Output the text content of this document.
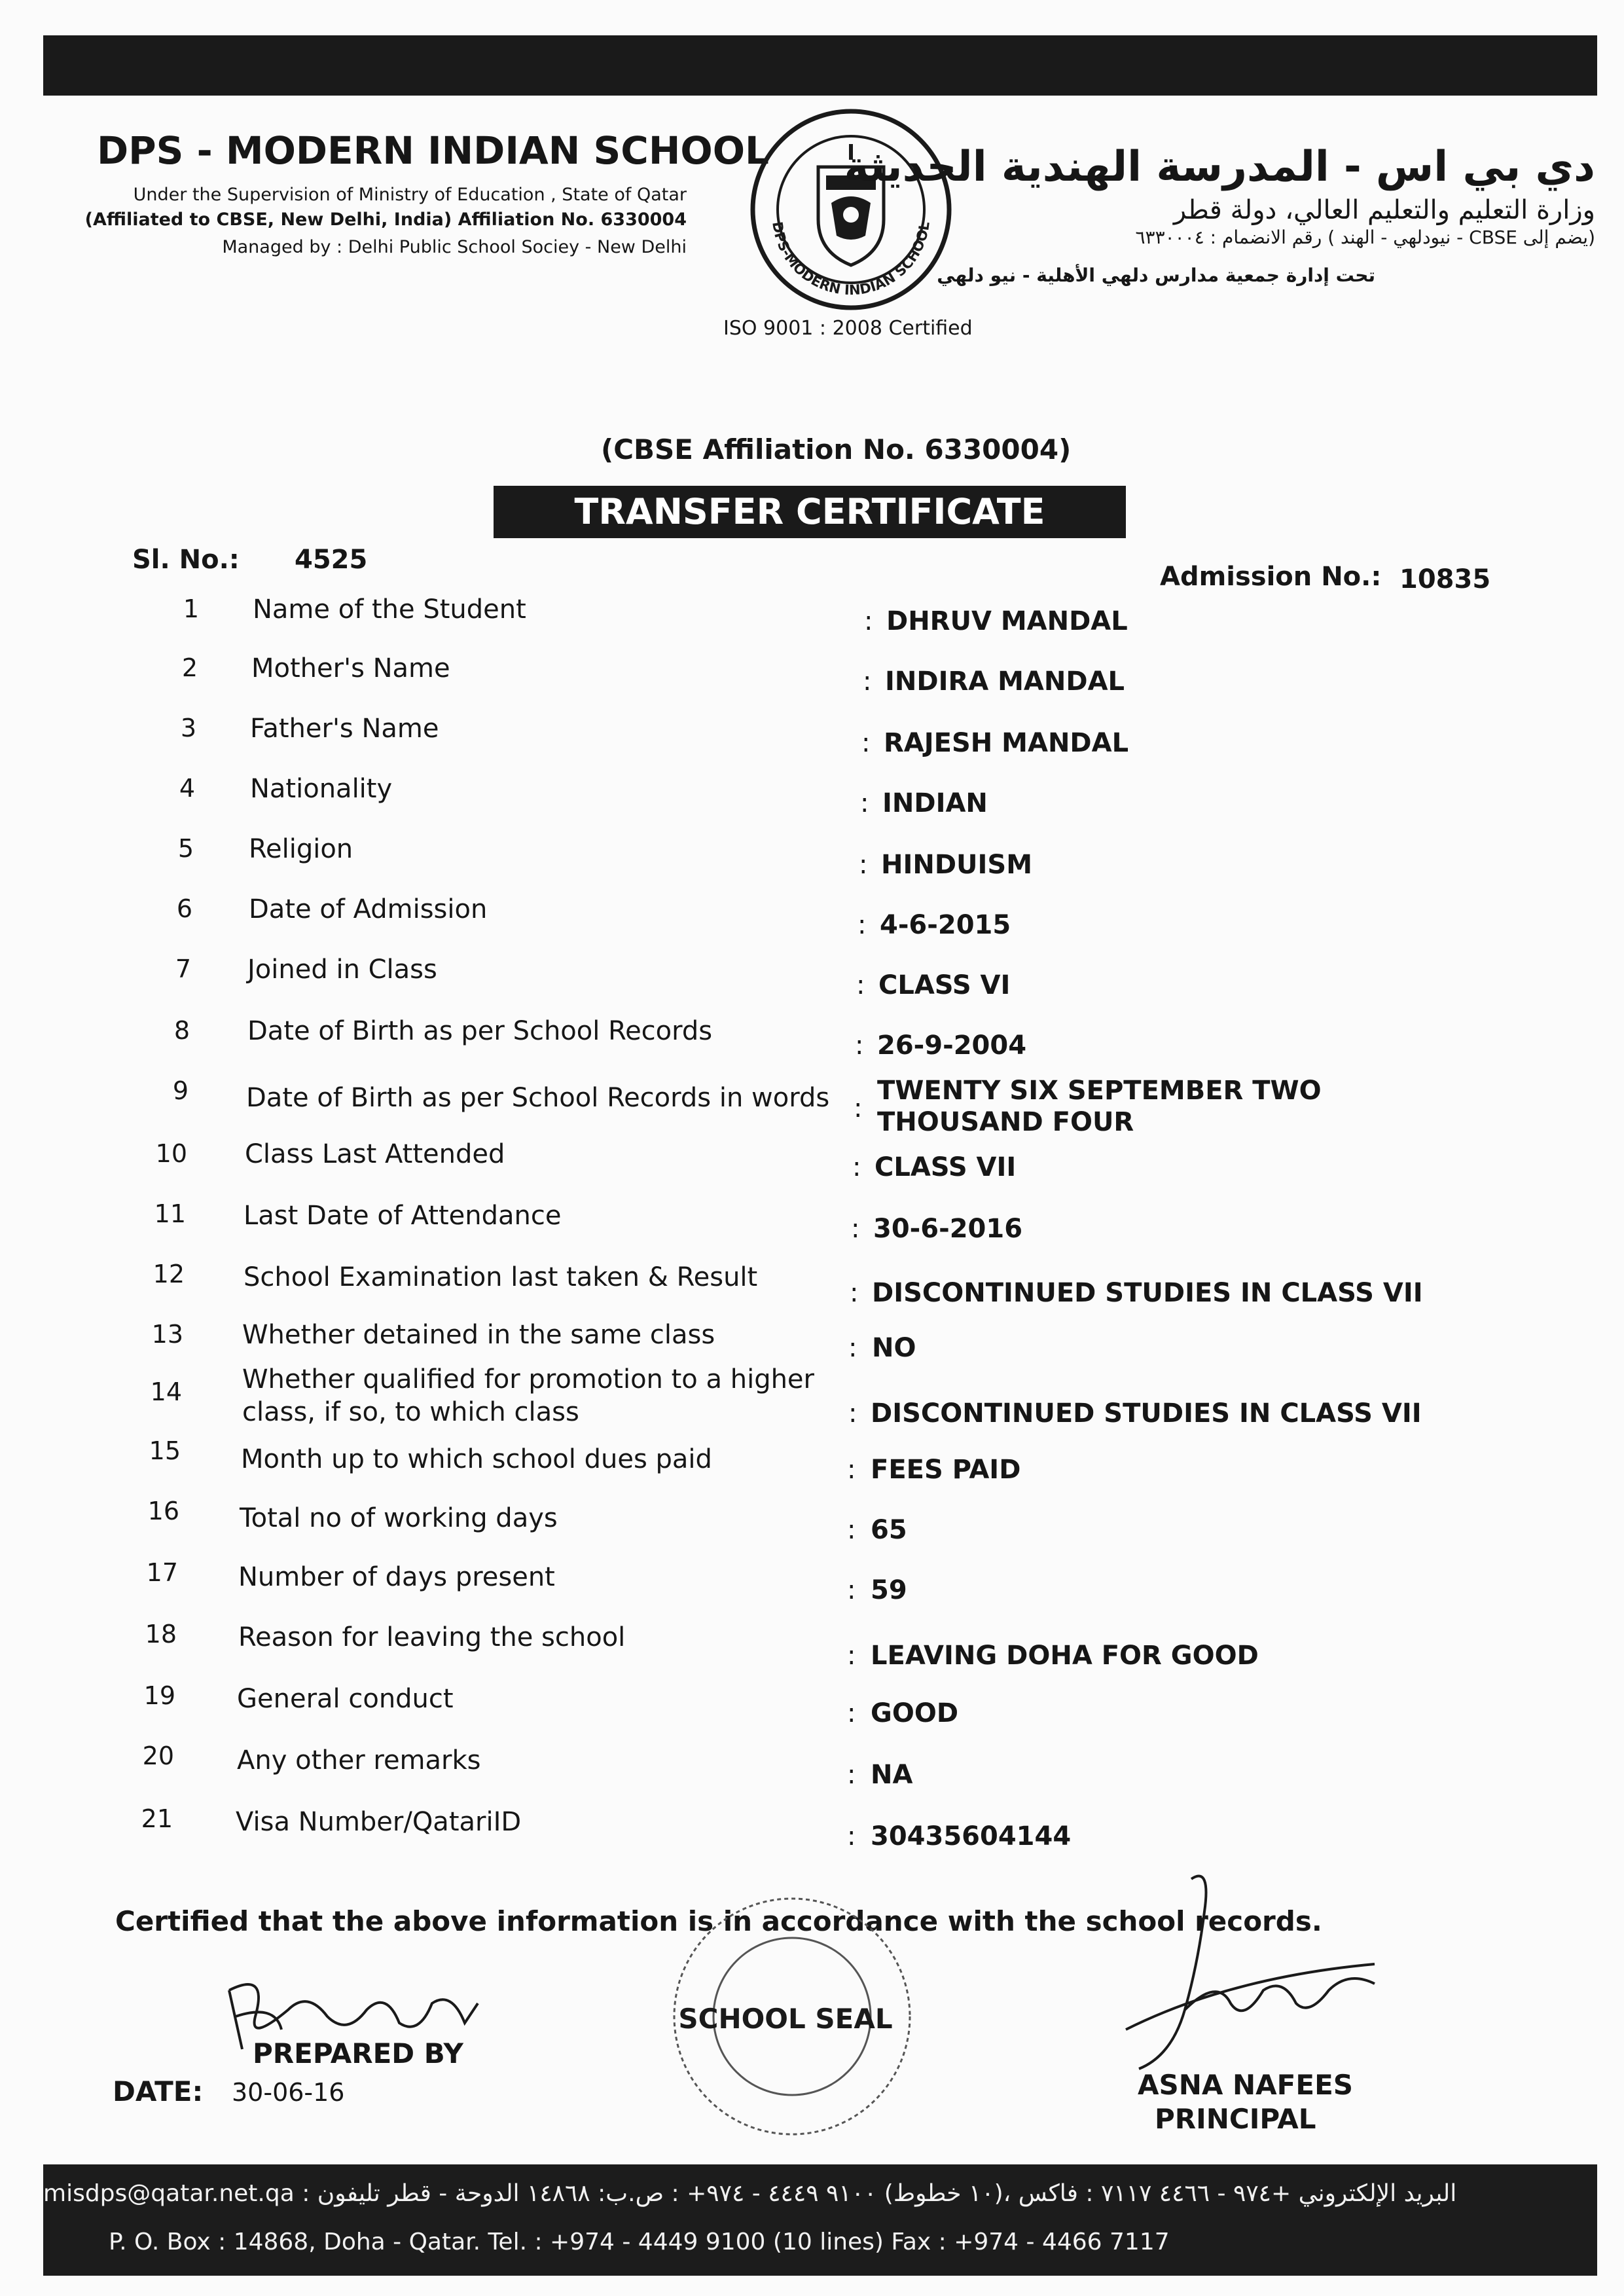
DPS - MODERN INDIAN SCHOOL
Under the Supervision of Ministry of Education , State of Qatar
(Affiliated to CBSE, New Delhi, India) Affiliation No. 6330004
Managed by : Delhi Public School Sociey - New Delhi
DPS-MODERN INDIAN SCHOOL
ISO 9001 : 2008 Certified
دي بي اس - المدرسة الهندية الحديثة
وزارة التعليم والتعليم العالي، دولة قطر
(يضم إلى CBSE - نيودلهي - الهند ) رقم الانضمام : ٦٣٣٠٠٠٤
تحت إدارة جمعية مدارس دلهي الأهلية - نيو دلهي
(CBSE Affiliation No. 6330004)
TRANSFER CERTIFICATE
Sl. No.: 4525
Admission No.: 10835
1 Name of the Student	: DHRUV MANDAL
2 Mother's Name	: INDIRA MANDAL
3 Father's Name	: RAJESH MANDAL
4 Nationality	: INDIAN
5 Religion
: HINDUISM
6 Date of Admission
: 4-6-2015
7 Joined in Class
: CLASS VI
8 Date of Birth as per School Records	: 26-9-2004
9 Date of Birth as per School Records in words :
TWENTY SIX SEPTEMBER TWO THOUSAND FOUR
10 Class Last Attended	: CLASS VII
11 Last Date of Attendance	: 30-6-2016
12 School Examination last taken & Result
: DISCONTINUED STUDIES IN CLASS VII
13 Whether detained in the same class	: NO
14 Whether qualified for promotion to a higher class, if so, to which class	: DISCONTINUED STUDIES IN CLASS VII
15 Month up to which school dues paid	: FEES PAID
16 Total no of working days	: 65
17 Number of days present	: 59
18 Reason for leaving the school
: LEAVING DOHA FOR GOOD
19 General conduct	: GOOD
20 Any other remarks	: NA
21 Visa Number/QatariID	: 30435604144
Certified that the above information is in accordance with the school records.
PREPARED BY
SCHOOL SEAL
ASNA NAFEES
PRINCIPAL
DATE: 30-06-16
misdps@qatar.net.qa : البريد الإلكتروني +٩٧٤ - ٤٤٦٦ ٧١١٧ : فاكس ،(١٠ خطوط) ٩١٠٠ ٤٤٤٩ - ٩٧٤+ : ص.ب: ١٤٨٦٨ الدوحة - قطر تليفون
P. O. Box : 14868, Doha - Qatar. Tel. : +974 - 4449 9100 (10 lines) Fax : +974 - 4466 7117
